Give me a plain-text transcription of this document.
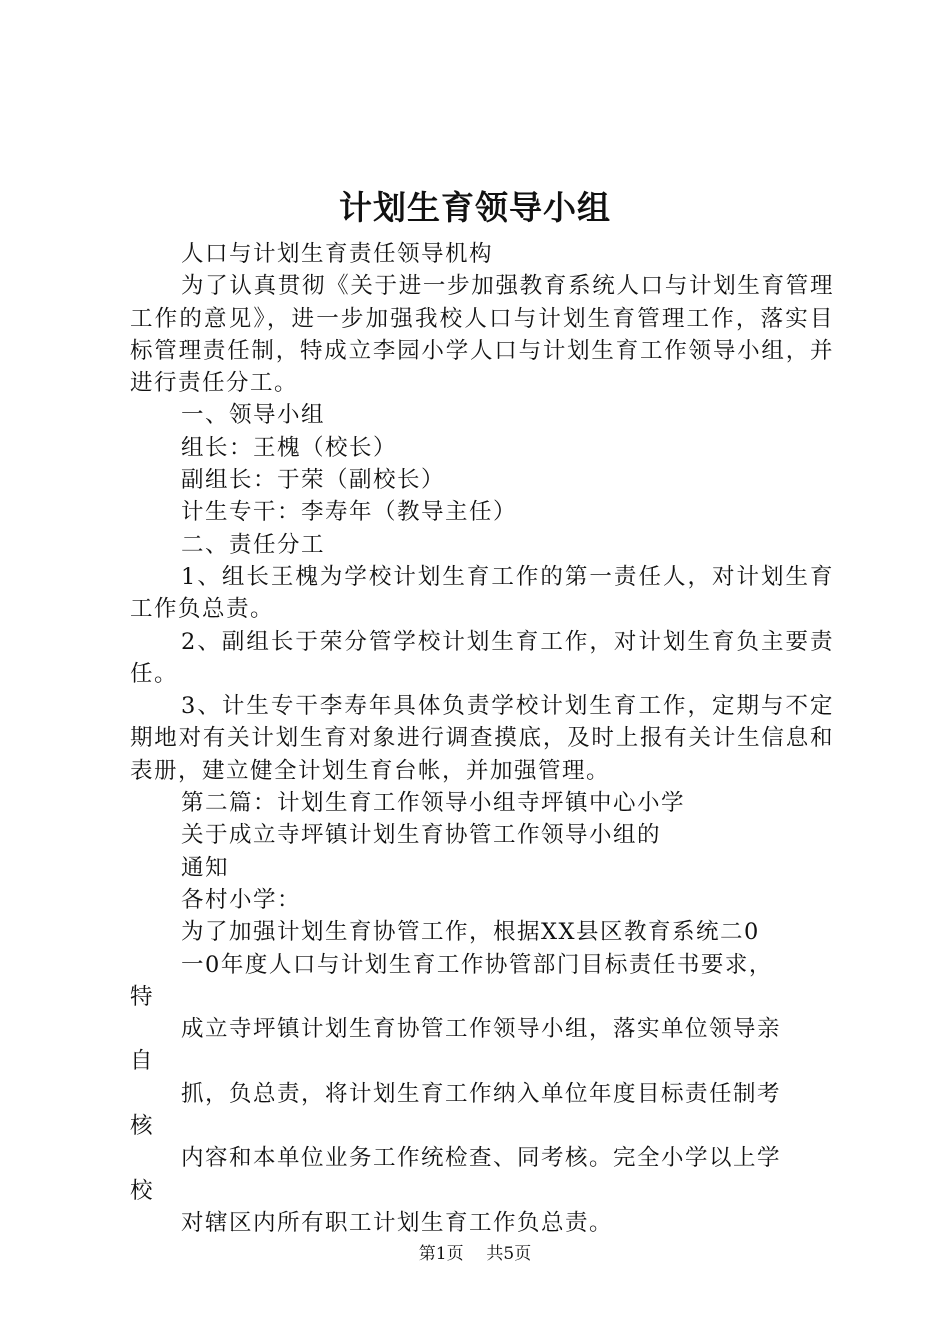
计划生育领导小组

人口与计划生育责任领导机构

为了认真贯彻《关于进一步加强教育系统人口与计划生育管理工作的意见》，进一步加强我校人口与计划生育管理工作，落实目标管理责任制，特成立李园小学人口与计划生育工作领导小组，并进行责任分工。

一、领导小组

组长：王槐（校长）

副组长：于荣（副校长）

计生专干：李寿年（教导主任）

二、责任分工

1、组长王槐为学校计划生育工作的第一责任人，对计划生育工作负总责。

2、副组长于荣分管学校计划生育工作，对计划生育负主要责任。

3、计生专干李寿年具体负责学校计划生育工作，定期与不定期地对有关计划生育对象进行调查摸底，及时上报有关计生信息和表册，建立健全计划生育台帐，并加强管理。

第二篇：计划生育工作领导小组寺坪镇中心小学

关于成立寺坪镇计划生育协管工作领导小组的

通知

各村小学：

为了加强计划生育协管工作，根据XX县区教育系统二0

一0年度人口与计划生育工作协管部门目标责任书要求，

特

成立寺坪镇计划生育协管工作领导小组，落实单位领导亲

自

抓，负总责，将计划生育工作纳入单位年度目标责任制考

核

内容和本单位业务工作统检查、同考核。完全小学以上学

校

对辖区内所有职工计划生育工作负总责。

第1页 共5页
